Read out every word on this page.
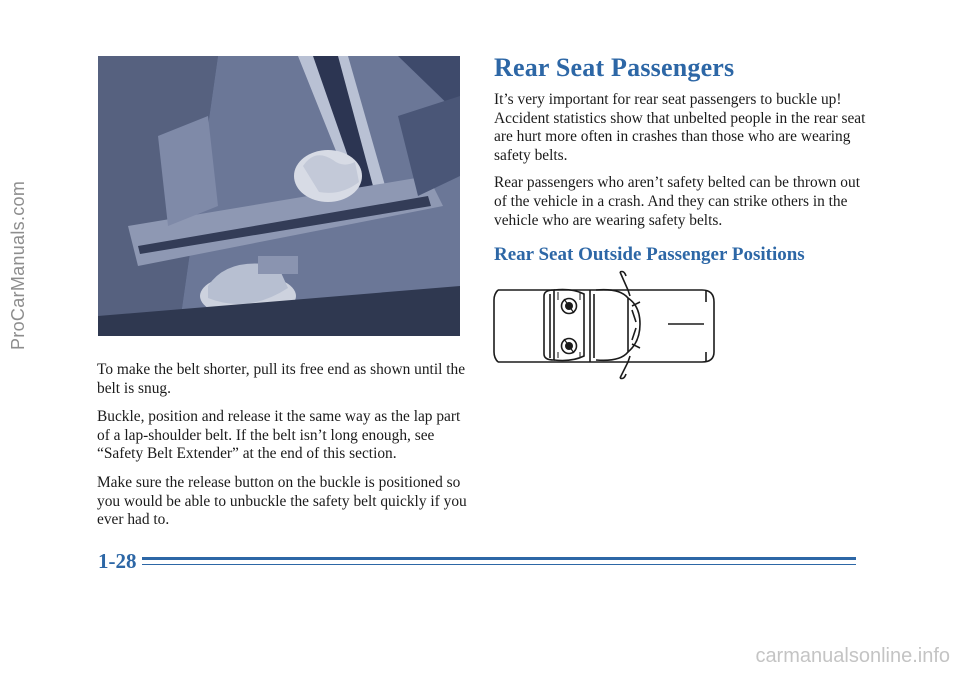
ProCarManuals.com

To make the belt shorter, pull its free end as shown until the belt is snug.

Buckle, position and release it the same way as the lap part of a lap-shoulder belt. If the belt isn’t long enough, see “Safety Belt Extender” at the end of this section.

Make sure the release button on the buckle is positioned so you would be able to unbuckle the safety belt quickly if you ever had to.

Rear Seat Passengers

It’s very important for rear seat passengers to buckle up! Accident statistics show that unbelted people in the rear seat are hurt more often in crashes than those who are wearing safety belts.

Rear passengers who aren’t safety belted can be thrown out of the vehicle in a crash. And they can strike others in the vehicle who are wearing safety belts.

Rear Seat Outside Passenger Positions
1-28
carmanualsonline.info
